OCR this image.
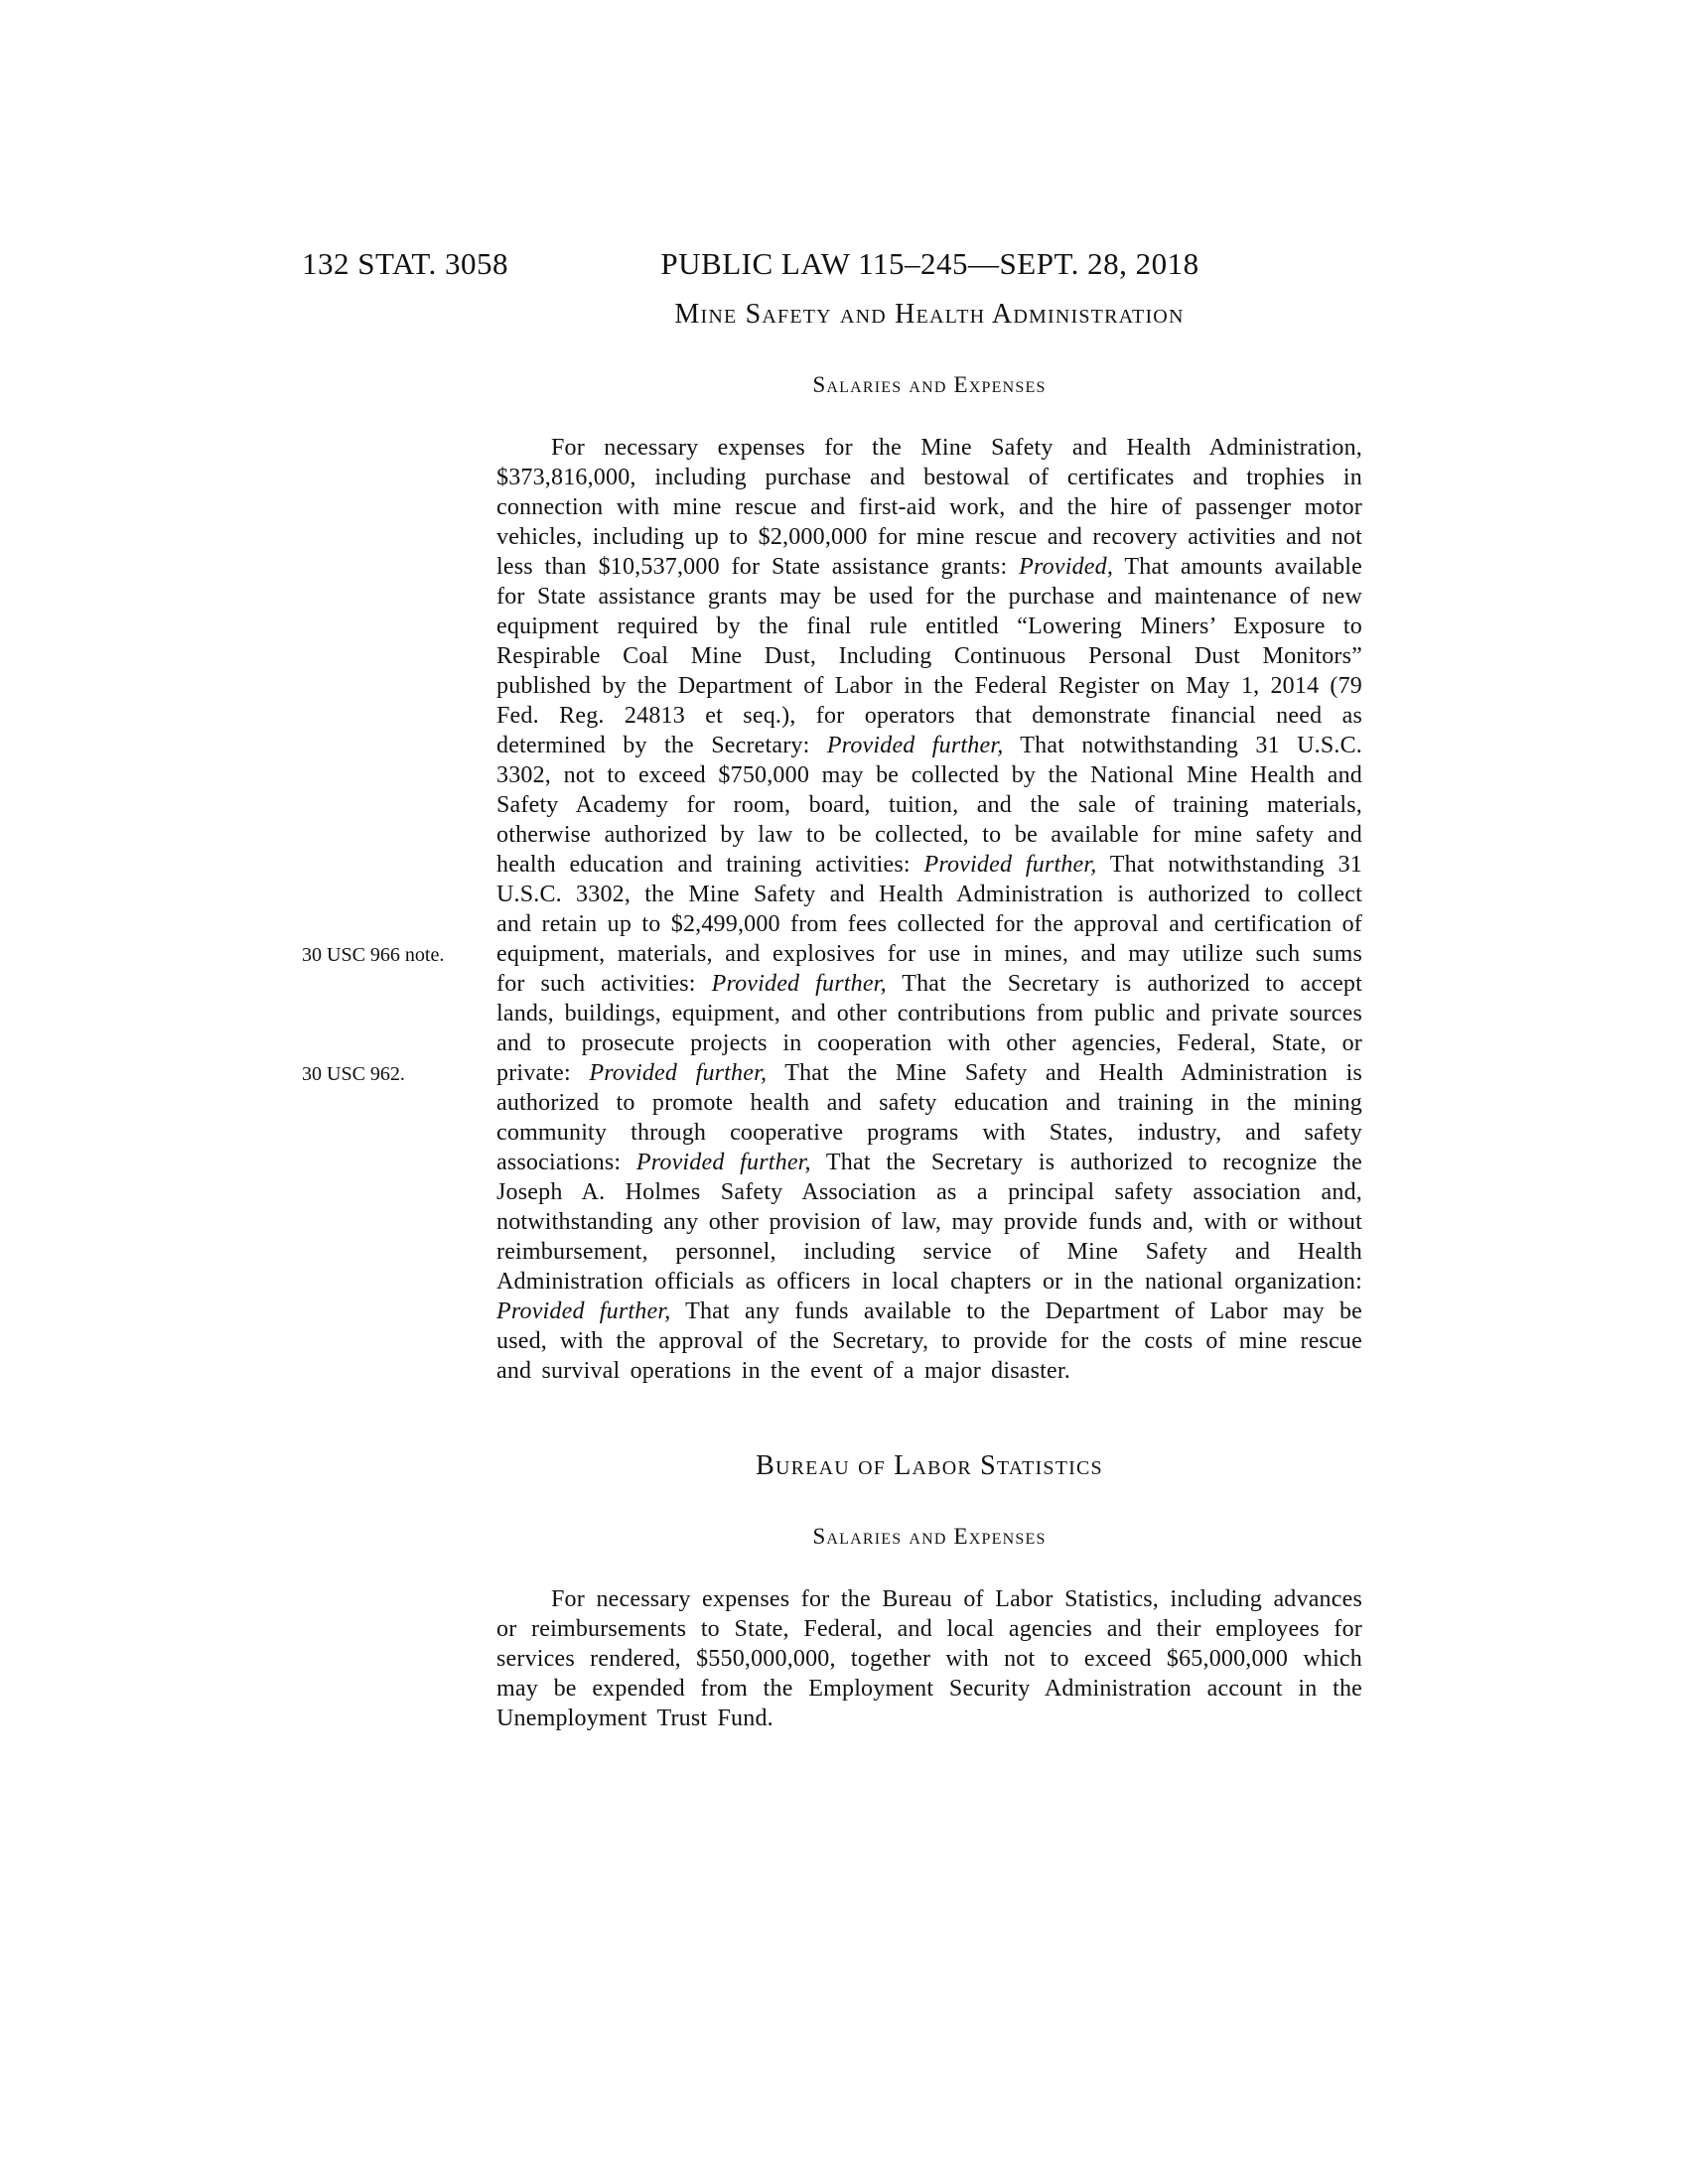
132 STAT. 3058	PUBLIC LAW 115–245—SEPT. 28, 2018
30 USC 966 note.
30 USC 962.
Mine Safety and Health Administration
Salaries and Expenses

For necessary expenses for the Mine Safety and Health Administration, $373,816,000, including purchase and bestowal of certificates and trophies in connection with mine rescue and first-aid work, and the hire of passenger motor vehicles, including up to $2,000,000 for mine rescue and recovery activities and not less than $10,537,000 for State assistance grants: Provided, That amounts available for State assistance grants may be used for the purchase and maintenance of new equipment required by the final rule entitled “Lowering Miners’ Exposure to Respirable Coal Mine Dust, Including Continuous Personal Dust Monitors” published by the Department of Labor in the Federal Register on May 1, 2014 (79 Fed. Reg. 24813 et seq.), for operators that demonstrate financial need as determined by the Secretary: Provided further, That notwithstanding 31 U.S.C. 3302, not to exceed $750,000 may be collected by the National Mine Health and Safety Academy for room, board, tuition, and the sale of training materials, otherwise authorized by law to be collected, to be available for mine safety and health education and training activities: Provided further, That notwithstanding 31 U.S.C. 3302, the Mine Safety and Health Administration is authorized to collect and retain up to $2,499,000 from fees collected for the approval and certification of equipment, materials, and explosives for use in mines, and may utilize such sums for such activities: Provided further, That the Secretary is authorized to accept lands, buildings, equipment, and other contributions from public and private sources and to prosecute projects in cooperation with other agencies, Federal, State, or private: Provided further, That the Mine Safety and Health Administration is authorized to promote health and safety education and training in the mining community through cooperative programs with States, industry, and safety associations: Provided further, That the Secretary is authorized to recognize the Joseph A. Holmes Safety Association as a principal safety association and, notwithstanding any other provision of law, may provide funds and, with or without reimbursement, personnel, including service of Mine Safety and Health Administration officials as officers in local chapters or in the national organization: Provided further, That any funds available to the Department of Labor may be used, with the approval of the Secretary, to provide for the costs of mine rescue and survival operations in the event of a major disaster.

Bureau of Labor Statistics
Salaries and Expenses

For necessary expenses for the Bureau of Labor Statistics, including advances or reimbursements to State, Federal, and local agencies and their employees for services rendered, $550,000,000, together with not to exceed $65,000,000 which may be expended from the Employment Security Administration account in the Unemployment Trust Fund.
